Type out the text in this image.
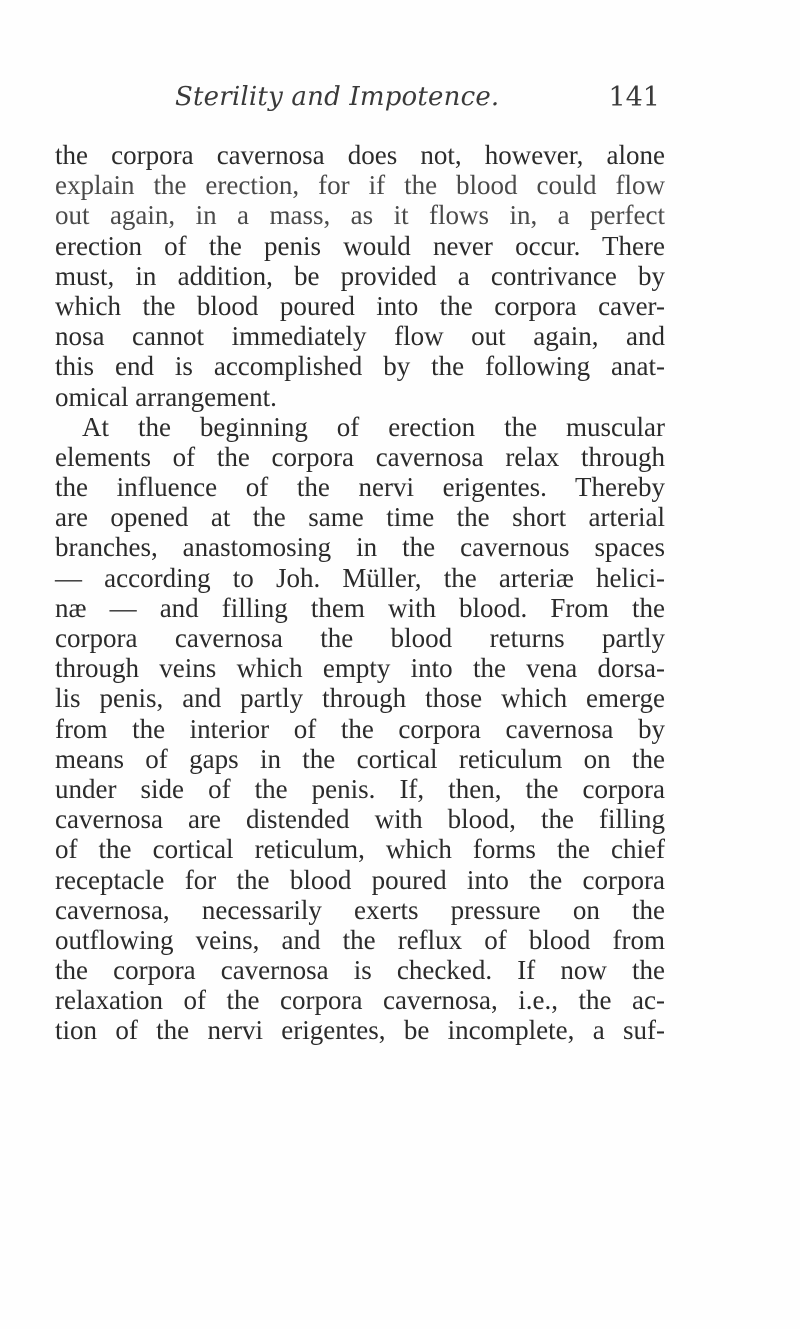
Sterility and Impotence.	141
the corpora cavernosa does not, however, alone
explain the erection, for if the blood could flow
out again, in a mass, as it flows in, a perfect
erection of the penis would never occur. There
must, in addition, be provided a contrivance by
which the blood poured into the corpora caver-
nosa cannot immediately flow out again, and
this end is accomplished by the following anat-
omical arrangement.
At the beginning of erection the muscular
elements of the corpora cavernosa relax through
the influence of the nervi erigentes. Thereby
are opened at the same time the short arterial
branches, anastomosing in the cavernous spaces
— according to Joh. Müller, the arteriæ helici-
næ — and filling them with blood. From the
corpora cavernosa the blood returns partly
through veins which empty into the vena dorsa-
lis penis, and partly through those which emerge
from the interior of the corpora cavernosa by
means of gaps in the cortical reticulum on the
under side of the penis. If, then, the corpora
cavernosa are distended with blood, the filling
of the cortical reticulum, which forms the chief
receptacle for the blood poured into the corpora
cavernosa, necessarily exerts pressure on the
outflowing veins, and the reflux of blood from
the corpora cavernosa is checked. If now the
relaxation of the corpora cavernosa, i.e., the ac-
tion of the nervi erigentes, be incomplete, a suf-
